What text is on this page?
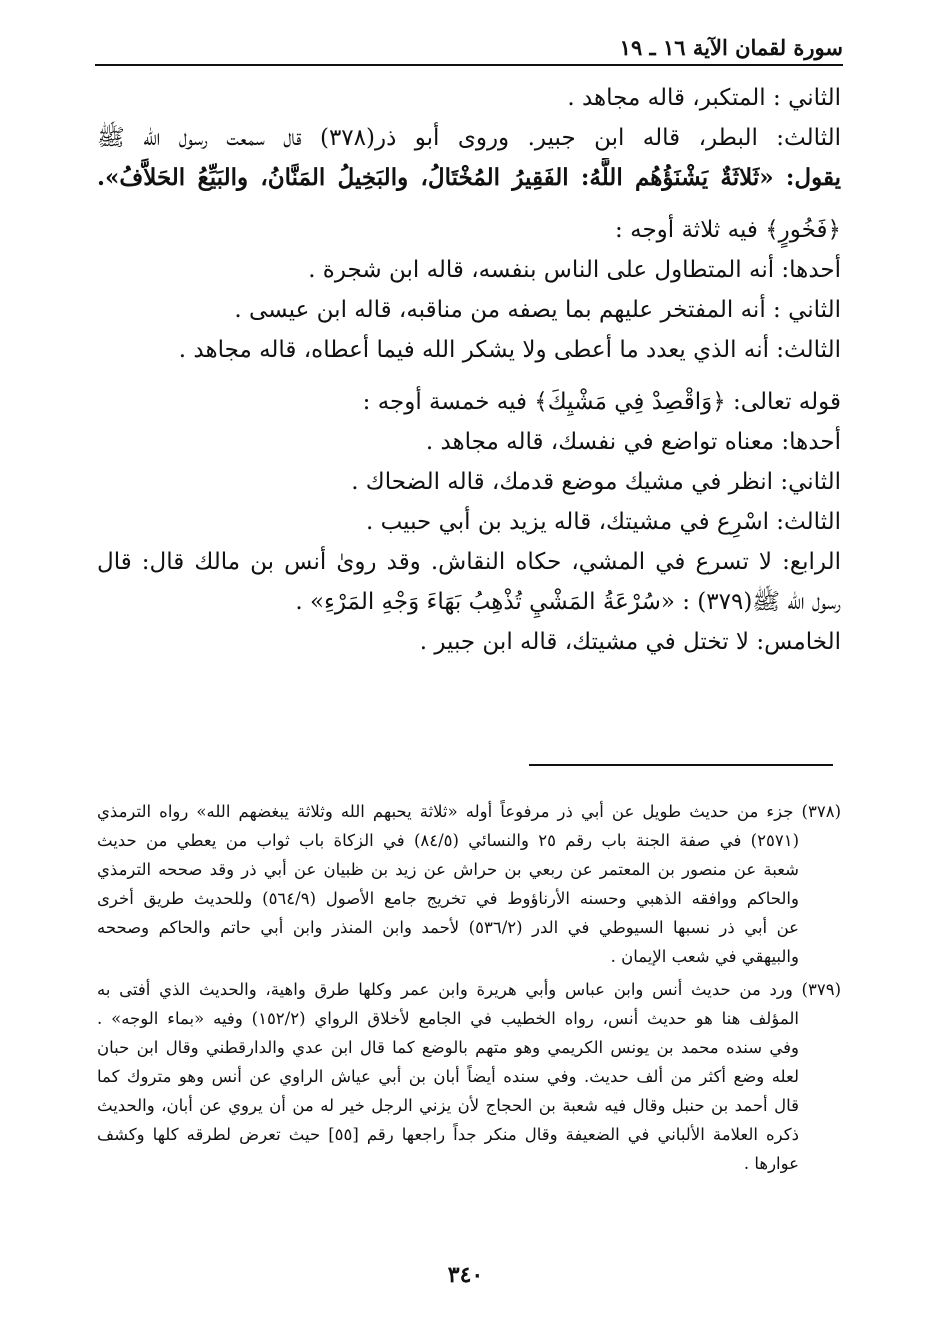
سورة لقمان الآية ١٦ ـ ١٩
الثاني : المتكبر، قاله مجاهد .
الثالث: البطر، قاله ابن جبير. وروى أبو ذر(٣٧٨) قال سمعت رسول الله ﷺ
يقول: «ثَلاثَةٌ يَشْنَؤُهُم اللَّهُ: الفَقِيرُ المُخْتَالُ، والبَخِيلُ المَنَّانُ، والبَيِّعُ الحَلاَّفُ».
﴿فَخُورٍ﴾ فيه ثلاثة أوجه :
أحدها: أنه المتطاول على الناس بنفسه، قاله ابن شجرة .
الثاني : أنه المفتخر عليهم بما يصفه من مناقبه، قاله ابن عيسى .
الثالث: أنه الذي يعدد ما أعطى ولا يشكر الله فيما أعطاه، قاله مجاهد .
قوله تعالى: ﴿وَاقْصِدْ فِي مَشْيِكَ﴾ فيه خمسة أوجه :
أحدها: معناه تواضع في نفسك، قاله مجاهد .
الثاني: انظر في مشيك موضع قدمك، قاله الضحاك .
الثالث: اسْرِع في مشيتك، قاله يزيد بن أبي حبيب .
الرابع: لا تسرع في المشي، حكاه النقاش. وقد روىٰ أنس بن مالك قال: قال
رسول الله ﷺ(٣٧٩) : «سُرْعَةُ المَشْيِ تُذْهِبُ بَهَاءَ وَجْهِ المَرْءِ» .
الخامس: لا تختل في مشيتك، قاله ابن جبير .
(٣٧٨) جزء من حديث طويل عن أبي ذر مرفوعاً أوله «ثلاثة يحبهم الله وثلاثة يبغضهم الله» رواه الترمذي
(٢٥٧١) في صفة الجنة باب رقم ٢٥ والنسائي (٨٤/٥) في الزكاة باب ثواب من يعطي من حديث
شعبة عن منصور بن المعتمر عن ربعي بن حراش عن زيد بن ظبيان عن أبي ذر وقد صححه الترمذي
والحاكم ووافقه الذهبي وحسنه الأرناؤوط في تخريج جامع الأصول (٥٦٤/٩) وللحديث طريق أخرى
عن أبي ذر نسبها السيوطي في الدر (٥٣٦/٢) لأحمد وابن المنذر وابن أبي حاتم والحاكم وصححه
والبيهقي في شعب الإيمان .
(٣٧٩) ورد من حديث أنس وابن عباس وأبي هريرة وابن عمر وكلها طرق واهية، والحديث الذي أفتى به
المؤلف هنا هو حديث أنس، رواه الخطيب في الجامع لأخلاق الرواي (١٥٢/٢) وفيه «بماء الوجه» .
وفي سنده محمد بن يونس الكريمي وهو متهم بالوضع كما قال ابن عدي والدارقطني وقال ابن حبان
لعله وضع أكثر من ألف حديث. وفي سنده أيضاً أبان بن أبي عياش الراوي عن أنس وهو متروك كما
قال أحمد بن حنبل وقال فيه شعبة بن الحجاج لأن يزني الرجل خير له من أن يروي عن أبان، والحديث
ذكره العلامة الألباني في الضعيفة وقال منكر جداً راجعها رقم [٥٥] حيث تعرض لطرقه كلها وكشف
عوارها .
٣٤٠
